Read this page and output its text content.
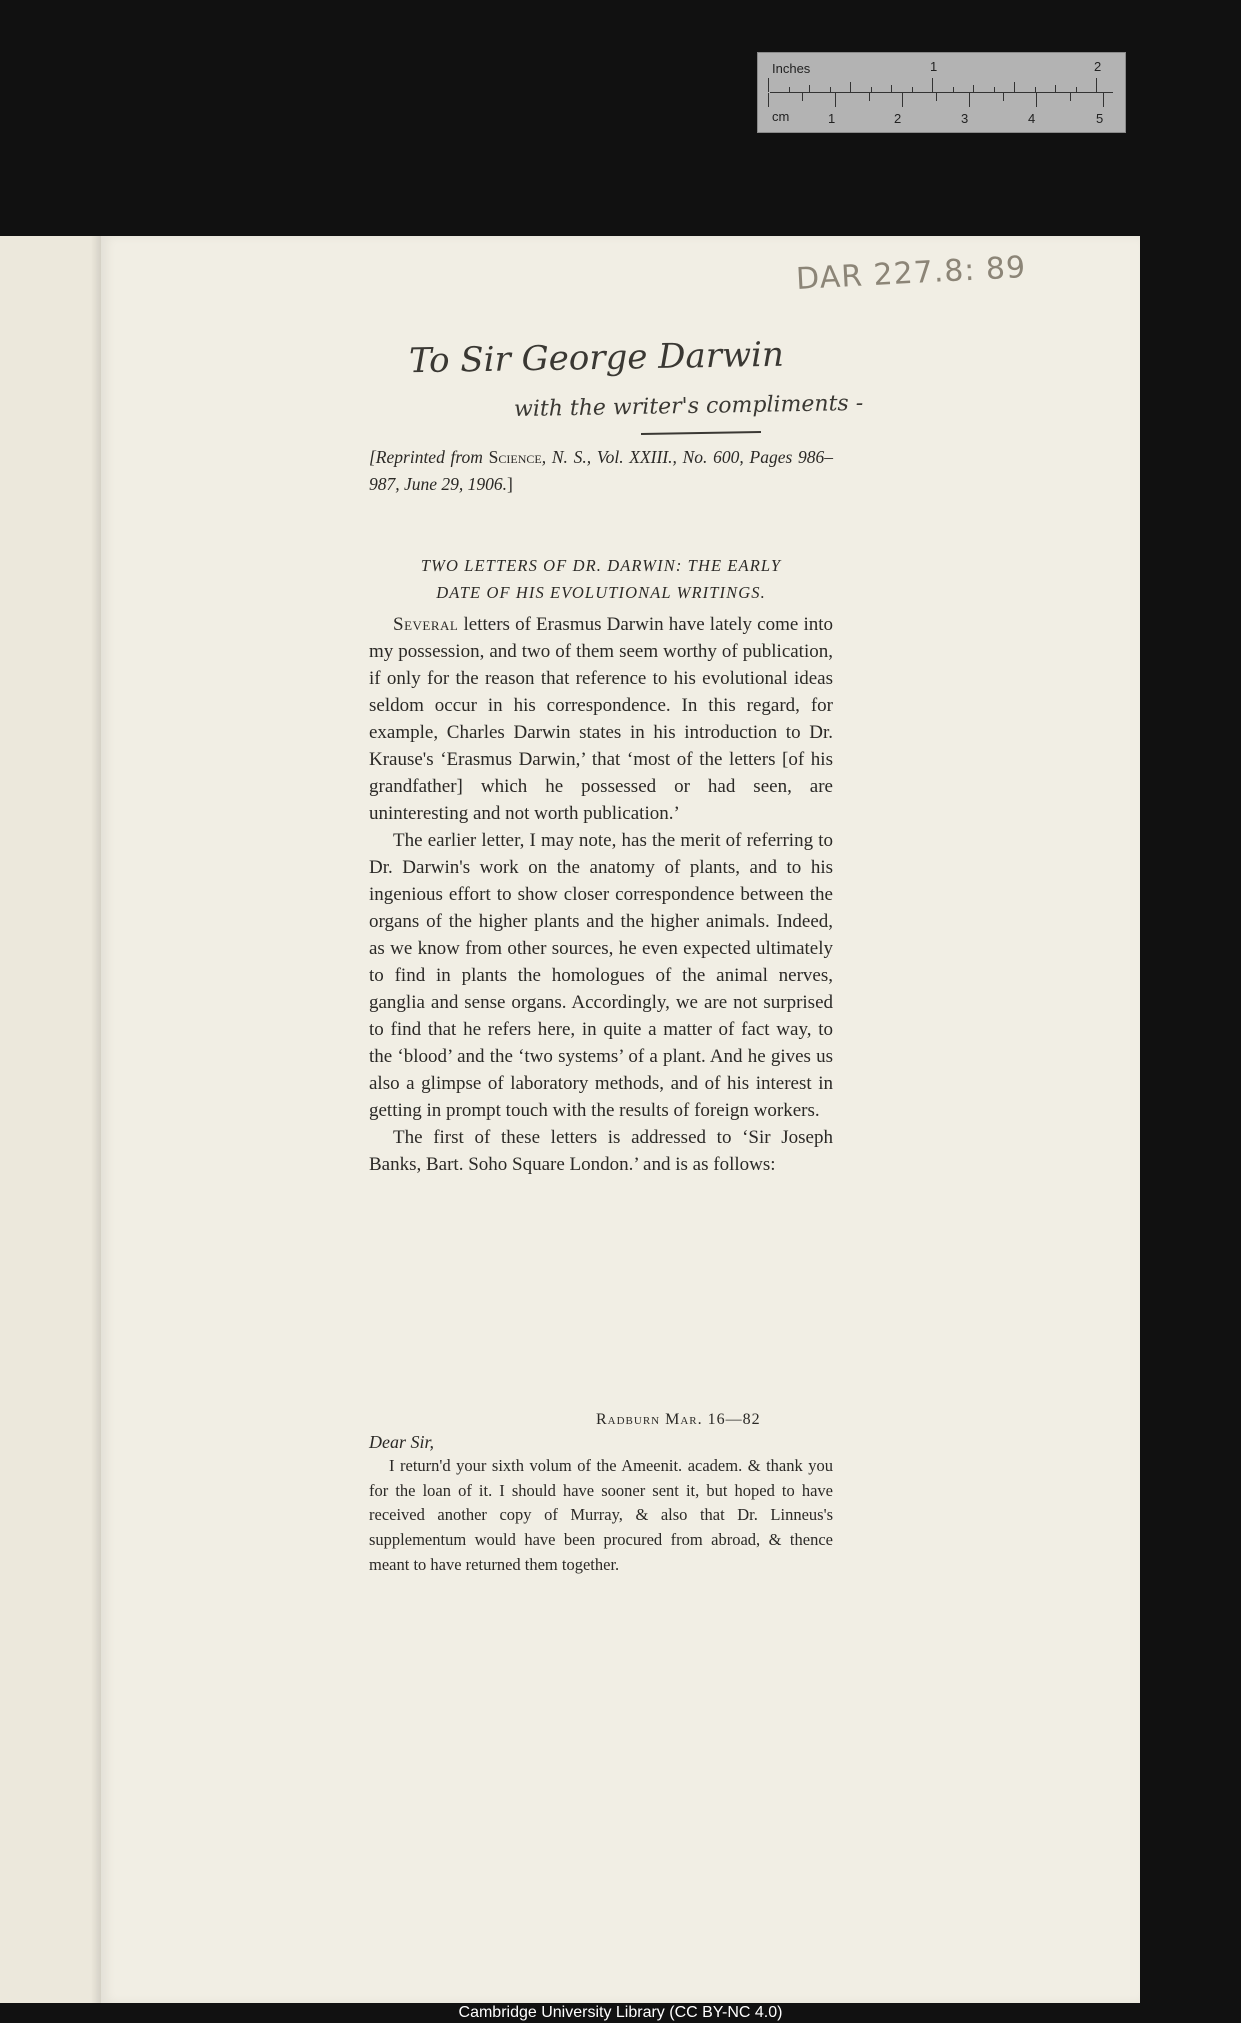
Inches
cm
1	2
1	2	3	4	5
DAR 227.8: 89
To Sir George Darwin
with the writer's compliments -
[Reprinted from Science, N. S., Vol. XXIII., No. 600, Pages 986–987, June 29, 1906.]
TWO LETTERS OF DR. DARWIN: THE EARLY
DATE OF HIS EVOLUTIONAL WRITINGS.

Several letters of Erasmus Darwin have lately come into my possession, and two of them seem worthy of publication, if only for the reason that reference to his evolutional ideas seldom occur in his correspondence. In this regard, for example, Charles Darwin states in his introduction to Dr. Krause's ‘Erasmus Darwin,’ that ‘most of the letters [of his grandfather] which he possessed or had seen, are uninteresting and not worth publication.’

The earlier letter, I may note, has the merit of referring to Dr. Darwin's work on the anatomy of plants, and to his ingenious effort to show closer correspondence between the organs of the higher plants and the higher animals. Indeed, as we know from other sources, he even expected ultimately to find in plants the homologues of the animal nerves, ganglia and sense organs. Accordingly, we are not surprised to find that he refers here, in quite a matter of fact way, to the ‘blood’ and the ‘two systems’ of a plant. And he gives us also a glimpse of laboratory methods, and of his interest in getting in prompt touch with the results of foreign workers.

The first of these letters is addressed to ‘Sir Joseph Banks, Bart. Soho Square London.’ and is as follows:

Radburn Mar. 16—82
Dear Sir,

I return'd your sixth volum of the Ameenit. academ. & thank you for the loan of it. I should have sooner sent it, but hoped to have received another copy of Murray, & also that Dr. Linneus's supplementum would have been procured from abroad, & thence meant to have returned them together.

Cambridge University Library (CC BY-NC 4.0)
